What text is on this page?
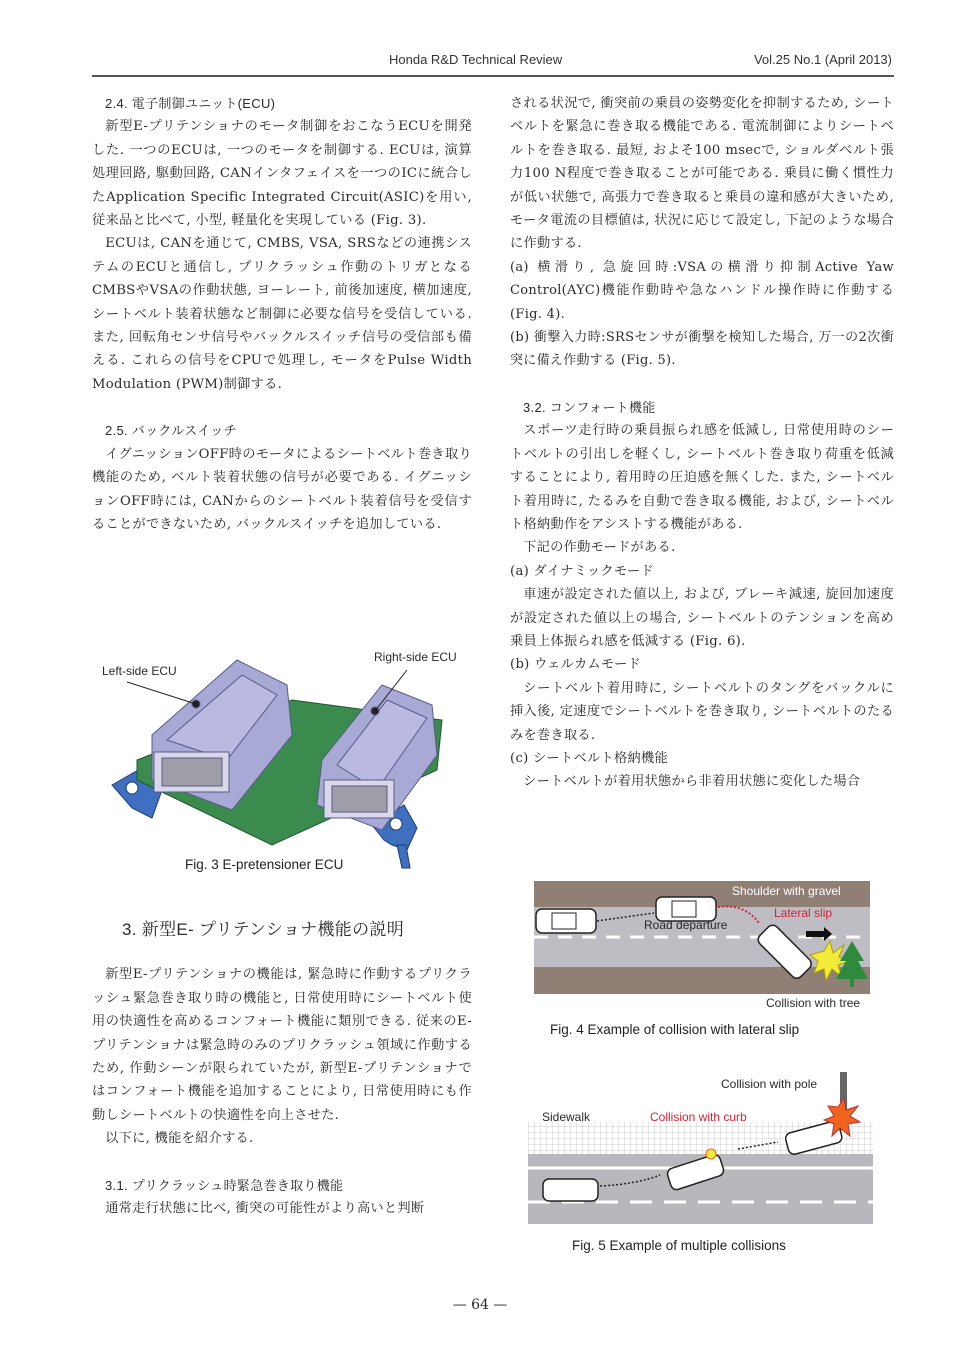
Honda R&D Technical Review	Vol.25 No.1 (April 2013)
2.4. 電子制御ユニット(ECU)

新型E-プリテンショナのモータ制御をおこなうECUを開発した. 一つのECUは, 一つのモータを制御する. ECUは, 演算処理回路, 駆動回路, CANインタフェイスを一つのICに統合したApplication Specific Integrated Circuit(ASIC)を用い, 従来品と比べて, 小型, 軽量化を実現している (Fig. 3).

ECUは, CANを通じて, CMBS, VSA, SRSなどの連携システムのECUと通信し, プリクラッシュ作動のトリガとなるCMBSやVSAの作動状態, ヨーレート, 前後加速度, 横加速度, シートベルト装着状態など制御に必要な信号を受信している. また, 回転角センサ信号やバックルスイッチ信号の受信部も備える. これらの信号をCPUで処理し, モータをPulse Width Modulation (PWM)制御する.

2.5. バックルスイッチ

イグニッションOFF時のモータによるシートベルト巻き取り機能のため, ベルト装着状態の信号が必要である. イグニッションOFF時には, CANからのシートベルト装着信号を受信することができないため, バックルスイッチを追加している.

Left-side ECU
Right-side ECU
Fig. 3 E-pretensioner ECU
3. 新型E- プリテンショナ機能の説明

新型E-プリテンショナの機能は, 緊急時に作動するプリクラッシュ緊急巻き取り時の機能と, 日常使用時にシートベルト使用の快適性を高めるコンフォート機能に類別できる. 従来のE-プリテンショナは緊急時のみのプリクラッシュ領域に作動するため, 作動シーンが限られていたが, 新型E-プリテンショナではコンフォート機能を追加することにより, 日常使用時にも作動しシートベルトの快適性を向上させた.

以下に, 機能を紹介する.

3.1. プリクラッシュ時緊急巻き取り機能

通常走行状態に比べ, 衝突の可能性がより高いと判断

される状況で, 衝突前の乗員の姿勢変化を抑制するため, シートベルトを緊急に巻き取る機能である. 電流制御によりシートベルトを巻き取る. 最短, およそ100 msecで, ショルダベルト張力100 N程度で巻き取ることが可能である. 乗員に働く慣性力が低い状態で, 高張力で巻き取ると乗員の違和感が大きいため, モータ電流の目標値は, 状況に応じて設定し, 下記のような場合に作動する.

(a) 横滑り, 急旋回時:VSAの横滑り抑制Active Yaw Control(AYC)機能作動時や急なハンドル操作時に作動する (Fig. 4).

(b) 衝撃入力時:SRSセンサが衝撃を検知した場合, 万一の2次衝突に備え作動する (Fig. 5).

3.2. コンフォート機能

スポーツ走行時の乗員振られ感を低減し, 日常使用時のシートベルトの引出しを軽くし, シートベルト巻き取り荷重を低減することにより, 着用時の圧迫感を無くした. また, シートベルト着用時に, たるみを自動で巻き取る機能, および, シートベルト格納動作をアシストする機能がある.

下記の作動モードがある.

(a) ダイナミックモード

車速が設定された値以上, および, ブレーキ減速, 旋回加速度が設定された値以上の場合, シートベルトのテンションを高め乗員上体振られ感を低減する (Fig. 6).

(b) ウェルカムモード

シートベルト着用時に, シートベルトのタングをバックルに挿入後, 定速度でシートベルトを巻き取り, シートベルトのたるみを巻き取る.

(c) シートベルト格納機能

シートベルトが着用状態から非着用状態に変化した場合

Shoulder with gravel
Lateral slip
Road departure
Collision with tree
Fig. 4 Example of collision with lateral slip
Collision with pole
Sidewalk	Collision with curb
Fig. 5 Example of multiple collisions
— 64 —
